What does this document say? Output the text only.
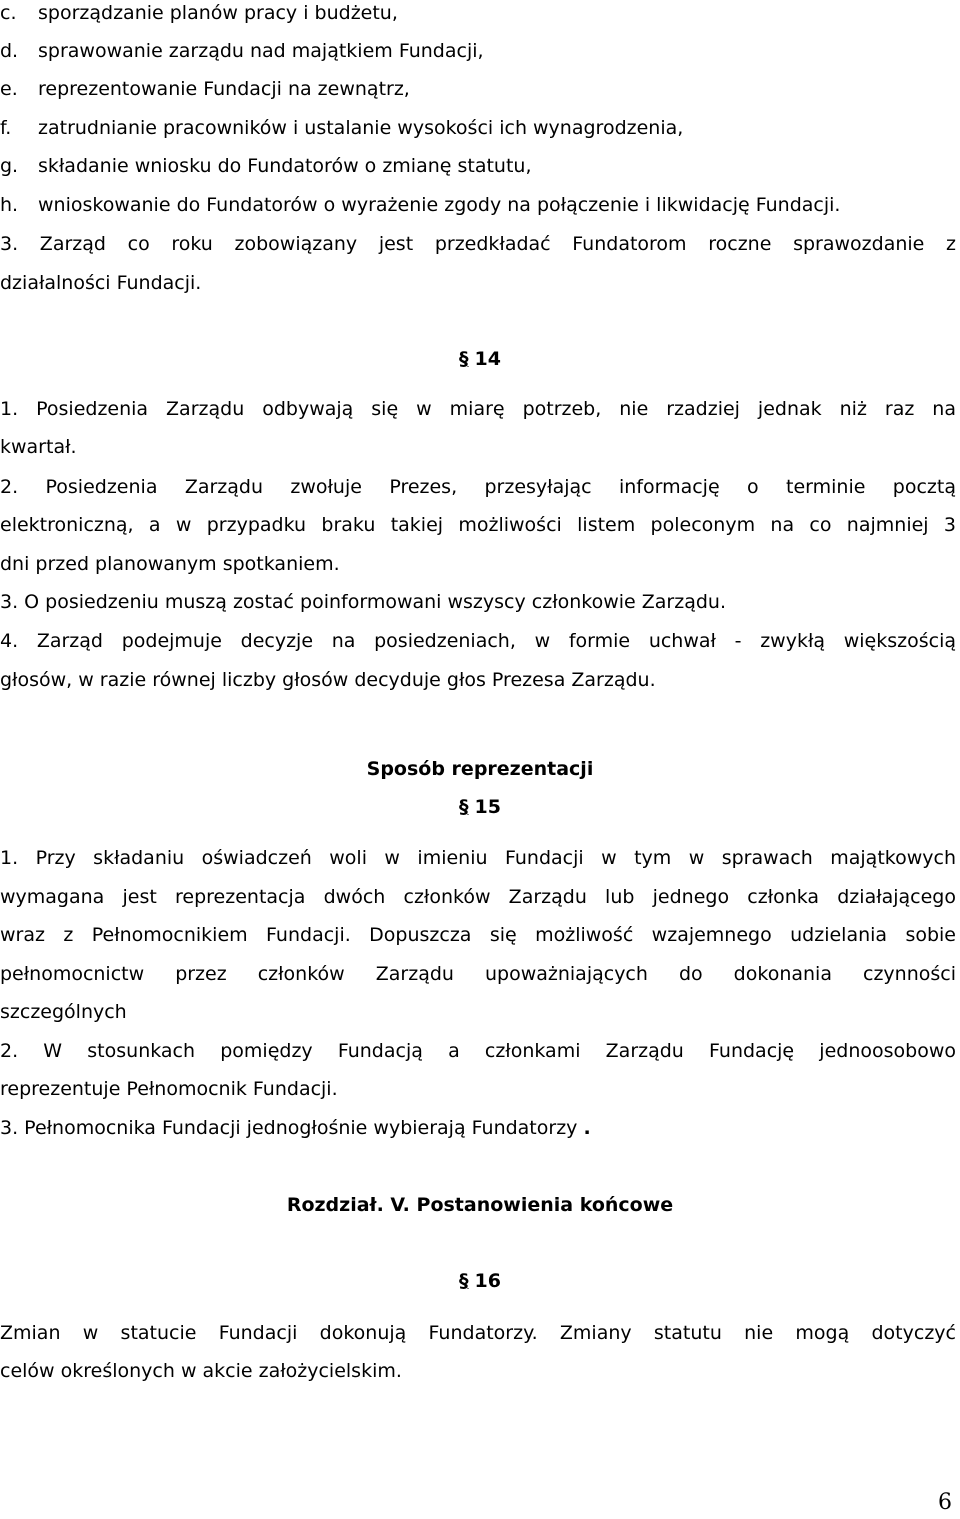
c. sporządzanie planów pracy i budżetu,
d. sprawowanie zarządu nad majątkiem Fundacji,
e. reprezentowanie Fundacji na zewnątrz,
f. zatrudnianie pracowników i ustalanie wysokości ich wynagrodzenia,
g. składanie wniosku do Fundatorów o zmianę statutu,
h. wnioskowanie do Fundatorów o wyrażenie zgody na połączenie i likwidację Fundacji.
3. Zarząd co roku zobowiązany jest przedkładać Fundatorom roczne sprawozdanie z
działalności Fundacji.
§ 14
1. Posiedzenia Zarządu odbywają się w miarę potrzeb, nie rzadziej jednak niż raz na
kwartał.
2. Posiedzenia Zarządu zwołuje Prezes, przesyłając informację o terminie pocztą
elektroniczną, a w przypadku braku takiej możliwości listem poleconym na co najmniej 3
dni przed planowanym spotkaniem.
3. O posiedzeniu muszą zostać poinformowani wszyscy członkowie Zarządu.
4. Zarząd podejmuje decyzje na posiedzeniach, w formie uchwał - zwykłą większością
głosów, w razie równej liczby głosów decyduje głos Prezesa Zarządu.
Sposób reprezentacji
§ 15
1. Przy składaniu oświadczeń woli w imieniu Fundacji w tym w sprawach majątkowych
wymagana jest reprezentacja dwóch członków Zarządu lub jednego członka działającego
wraz z Pełnomocnikiem Fundacji. Dopuszcza się możliwość wzajemnego udzielania sobie
pełnomocnictw przez członków Zarządu upoważniających do dokonania czynności
szczególnych
2. W stosunkach pomiędzy Fundacją a członkami Zarządu Fundację jednoosobowo
reprezentuje Pełnomocnik Fundacji.
3. Pełnomocnika Fundacji jednogłośnie wybierają Fundatorzy .
Rozdział. V. Postanowienia końcowe
§ 16
Zmian w statucie Fundacji dokonują Fundatorzy. Zmiany statutu nie mogą dotyczyć
celów określonych w akcie założycielskim.
6
